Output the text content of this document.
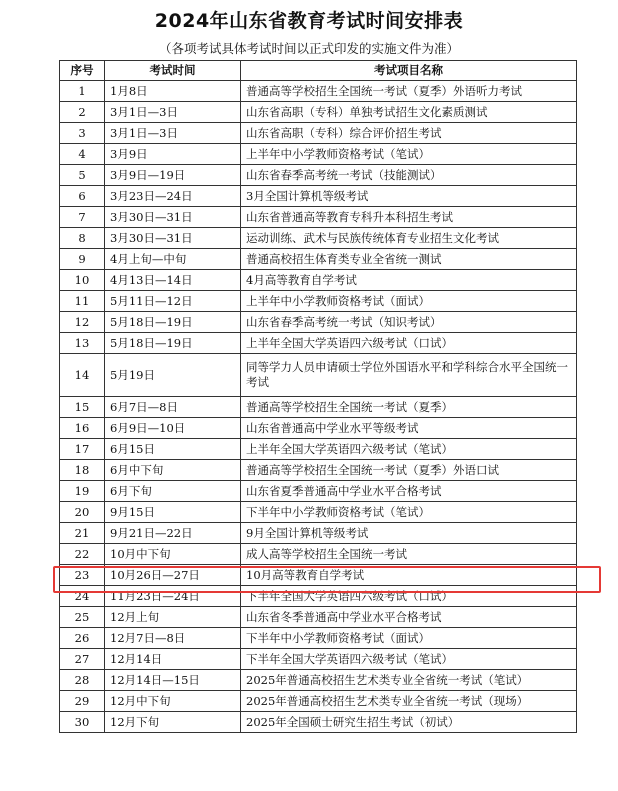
2024年山东省教育考试时间安排表
（各项考试具体考试时间以正式印发的实施文件为准）
序号	考试时间	考试项目名称
1	1月8日	普通高等学校招生全国统一考试（夏季）外语听力考试
2	3月1日—3日	山东省高职（专科）单独考试招生文化素质测试
3	3月1日—3日	山东省高职（专科）综合评价招生考试
4	3月9日	上半年中小学教师资格考试（笔试）
5	3月9日—19日	山东省春季高考统一考试（技能测试）
6	3月23日—24日	3月全国计算机等级考试
7	3月30日—31日	山东省普通高等教育专科升本科招生考试
8	3月30日—31日	运动训练、武术与民族传统体育专业招生文化考试
9	4月上旬—中旬	普通高校招生体育类专业全省统一测试
10	4月13日—14日	4月高等教育自学考试
11	5月11日—12日	上半年中小学教师资格考试（面试）
12	5月18日—19日	山东省春季高考统一考试（知识考试）
13	5月18日—19日	上半年全国大学英语四六级考试（口试）
14	5月19日	同等学力人员申请硕士学位外国语水平和学科综合水平全国统一考试
15	6月7日—8日	普通高等学校招生全国统一考试（夏季）
16	6月9日—10日	山东省普通高中学业水平等级考试
17	6月15日	上半年全国大学英语四六级考试（笔试）
18	6月中下旬	普通高等学校招生全国统一考试（夏季）外语口试
19	6月下旬	山东省夏季普通高中学业水平合格考试
20	9月15日	下半年中小学教师资格考试（笔试）
21	9月21日—22日	9月全国计算机等级考试
22	10月中下旬	成人高等学校招生全国统一考试
23	10月26日—27日	10月高等教育自学考试
24	11月23日—24日	下半年全国大学英语四六级考试（口试）
25	12月上旬	山东省冬季普通高中学业水平合格考试
26	12月7日—8日	下半年中小学教师资格考试（面试）
27	12月14日	下半年全国大学英语四六级考试（笔试）
28	12月14日—15日	2025年普通高校招生艺术类专业全省统一考试（笔试）
29	12月中下旬	2025年普通高校招生艺术类专业全省统一考试（现场）
30	12月下旬	2025年全国硕士研究生招生考试（初试）
